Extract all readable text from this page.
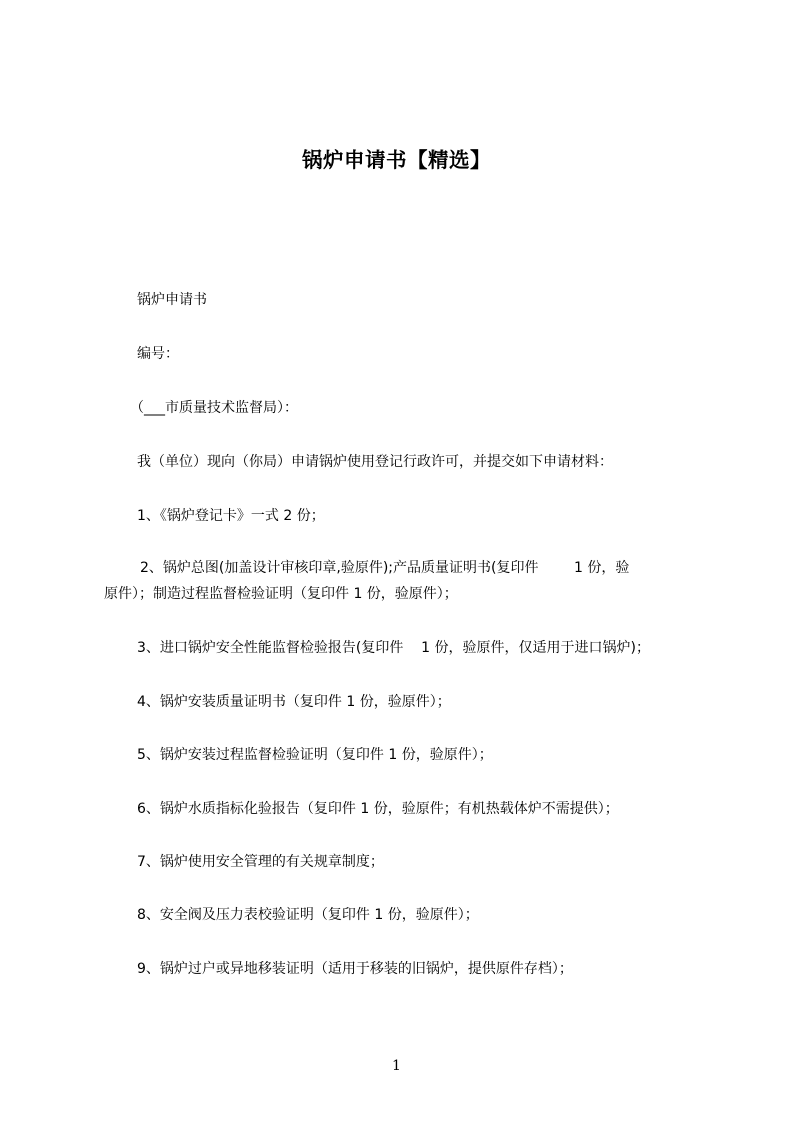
锅炉申请书【精选】

锅炉申请书

编号：

（___市质量技术监督局）：

我（单位）现向（你局）申请锅炉使用登记行政许可，并提交如下申请材料：

1、《锅炉登记卡》一式 2 份；

2、锅炉总图(加盖设计审核印章,验原件);产品质量证明书(复印件        1 份，验

原件）；制造过程监督检验证明（复印件 1 份，验原件）；

3、进口锅炉安全性能监督检验报告(复印件    1 份，验原件，仅适用于进口锅炉)；

4、锅炉安装质量证明书（复印件 1 份，验原件）；

5、锅炉安装过程监督检验证明（复印件 1 份，验原件）；

6、锅炉水质指标化验报告（复印件 1 份，验原件；有机热载体炉不需提供）；

7、锅炉使用安全管理的有关规章制度；

8、安全阀及压力表校验证明（复印件 1 份，验原件）；

9、锅炉过户或异地移装证明（适用于移装的旧锅炉，提供原件存档）；

1
